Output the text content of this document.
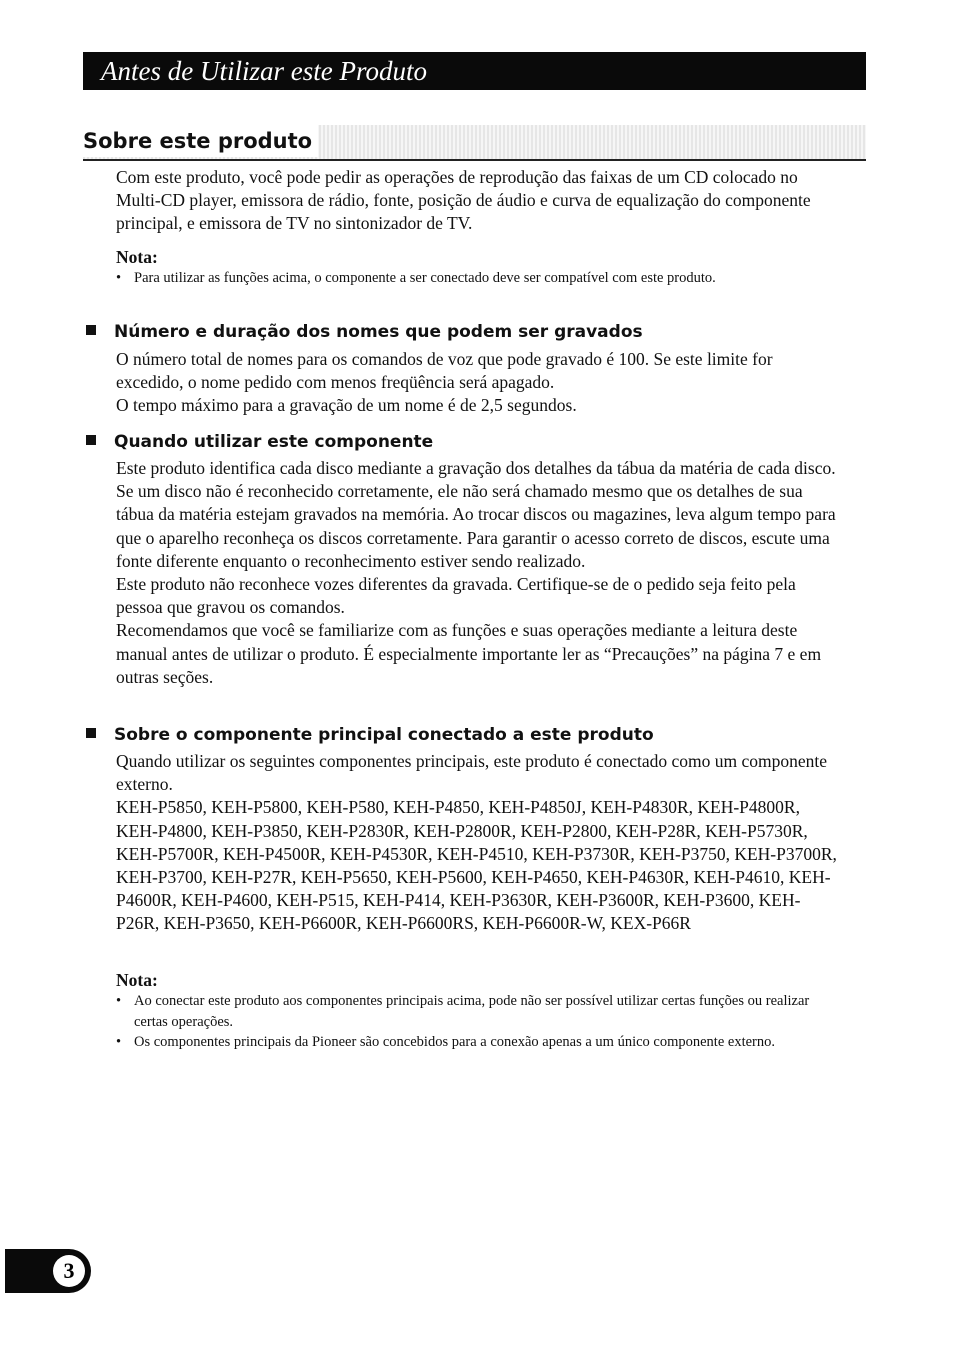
Antes de Utilizar este Produto
Sobre este produto
Com este produto, você pode pedir as operações de reprodução das faixas de um CD colocado no Multi-CD player, emissora de rádio, fonte, posição de áudio e curva de equalização do componente principal, e emissora de TV no sintonizador de TV.
Nota:
• Para utilizar as funções acima, o componente a ser conectado deve ser compatível com este produto.
Número e duração dos nomes que podem ser gravados
O número total de nomes para os comandos de voz que pode gravado é 100. Se este limite for excedido, o nome pedido com menos freqüência será apagado.
O tempo máximo para a gravação de um nome é de 2,5 segundos.
Quando utilizar este componente
Este produto identifica cada disco mediante a gravação dos detalhes da tábua da matéria de cada disco. Se um disco não é reconhecido corretamente, ele não será chamado mesmo que os detalhes de sua tábua da matéria estejam gravados na memória. Ao trocar discos ou magazines, leva algum tempo para que o aparelho reconheça os discos corretamente. Para garantir o acesso correto de discos, escute uma fonte diferente enquanto o reconhecimento estiver sendo realizado.
Este produto não reconhece vozes diferentes da gravada. Certifique-se de o pedido seja feito pela pessoa que gravou os comandos.
Recomendamos que você se familiarize com as funções e suas operações mediante a leitura deste manual antes de utilizar o produto. É especialmente importante ler as “Precauções” na página 7 e em outras seções.
Sobre o componente principal conectado a este produto
Quando utilizar os seguintes componentes principais, este produto é conectado como um componente externo.
KEH-P5850, KEH-P5800, KEH-P580, KEH-P4850, KEH-P4850J, KEH-P4830R, KEH-P4800R, KEH-P4800, KEH-P3850, KEH-P2830R, KEH-P2800R, KEH-P2800, KEH-P28R, KEH-P5730R, KEH-P5700R, KEH-P4500R, KEH-P4530R, KEH-P4510, KEH-P3730R, KEH-P3750, KEH-P3700R, KEH-P3700, KEH-P27R, KEH-P5650, KEH-P5600, KEH-P4650, KEH-P4630R, KEH-P4610, KEH-P4600R, KEH-P4600, KEH-P515, KEH-P414, KEH-P3630R, KEH-P3600R, KEH-P3600, KEH-P26R, KEH-P3650, KEH-P6600R, KEH-P6600RS, KEH-P6600R-W, KEX-P66R
Nota:
• Ao conectar este produto aos componentes principais acima, pode não ser possível utilizar certas funções ou realizar certas operações.
• Os componentes principais da Pioneer são concebidos para a conexão apenas a um único componente externo.
3
